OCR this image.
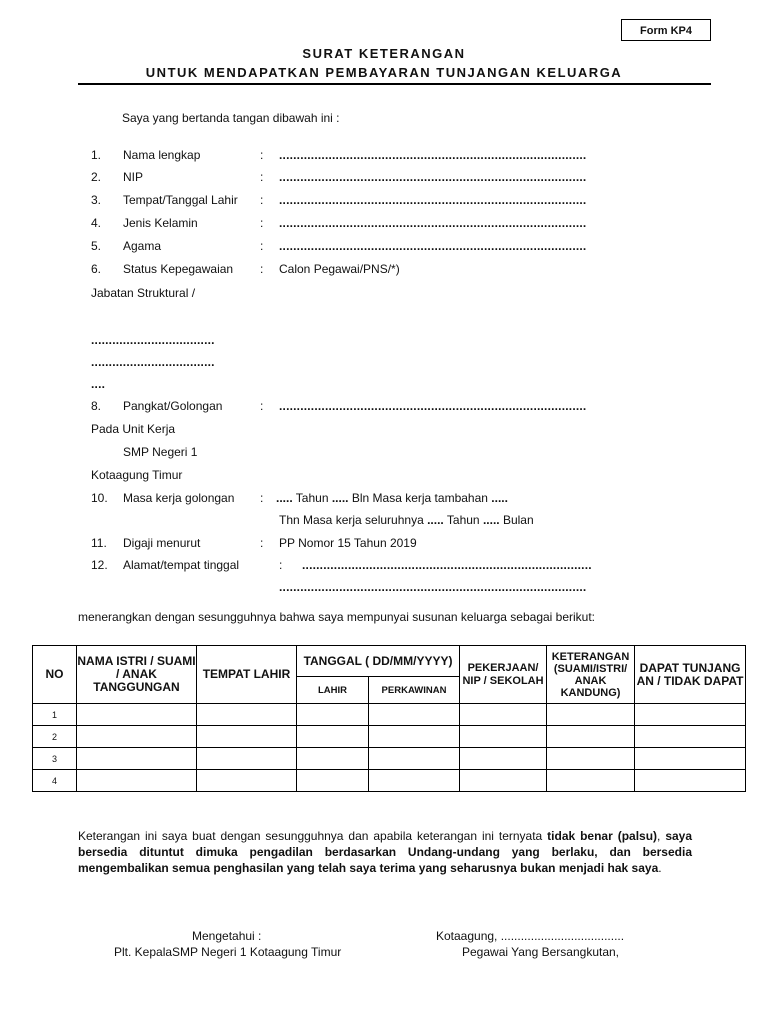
Form KP4
SURAT KETERANGAN
UNTUK MENDAPATKAN PEMBAYARAN TUNJANGAN KELUARGA
Saya yang bertanda tangan dibawah ini :
1. Nama lengkap	: .......................................................................................
2. NIP	: .......................................................................................
3. Tempat/Tanggal Lahir : .......................................................................................
4. Jenis Kelamin	: .......................................................................................
5. Agama	: .......................................................................................
6. Status Kepegawaian : Calon Pegawai/PNS/*)
Jabatan Struktural /
...................................
...................................
....
8. Pangkat/Golongan	: .......................................................................................
Pada Unit Kerja
SMP Negeri 1
Kotaagung Timur
10. Masa kerja golongan : ..... Tahun ..... Bln Masa kerja tambahan .....
Thn Masa kerja seluruhnya ..... Tahun ..... Bulan
11. Digaji menurut	: PP Nomor 15 Tahun 2019
12. Alamat/tempat tinggal	: ..................................................................................
.......................................................................................
menerangkan dengan sesungguhnya bahwa saya mempunyai susunan keluarga sebagai berikut:
NO	NAMA ISTRI / SUAMI / ANAK TANGGUNGAN	TEMPAT LAHIR	TANGGAL ( DD/MM/YYYY)		PEKERJAAN/ NIP / SEKOLAH	KETERANGAN (SUAMI/ISTRI/ ANAK KANDUNG)	DAPAT TUNJANG AN / TIDAK DAPAT
			LAHIR	PERKAWINAN			
1							
2							
3							
4							
Keterangan ini saya buat dengan sesungguhnya dan apabila keterangan ini ternyata tidak benar (palsu), saya bersedia dituntut dimuka pengadilan berdasarkan Undang-undang yang berlaku, dan bersedia mengembalikan semua penghasilan yang telah saya terima yang seharusnya bukan menjadi hak saya.
Mengetahui :
Plt. KepalaSMP Negeri 1 Kotaagung Timur
Kotaagung, .....................................
Pegawai Yang Bersangkutan,
